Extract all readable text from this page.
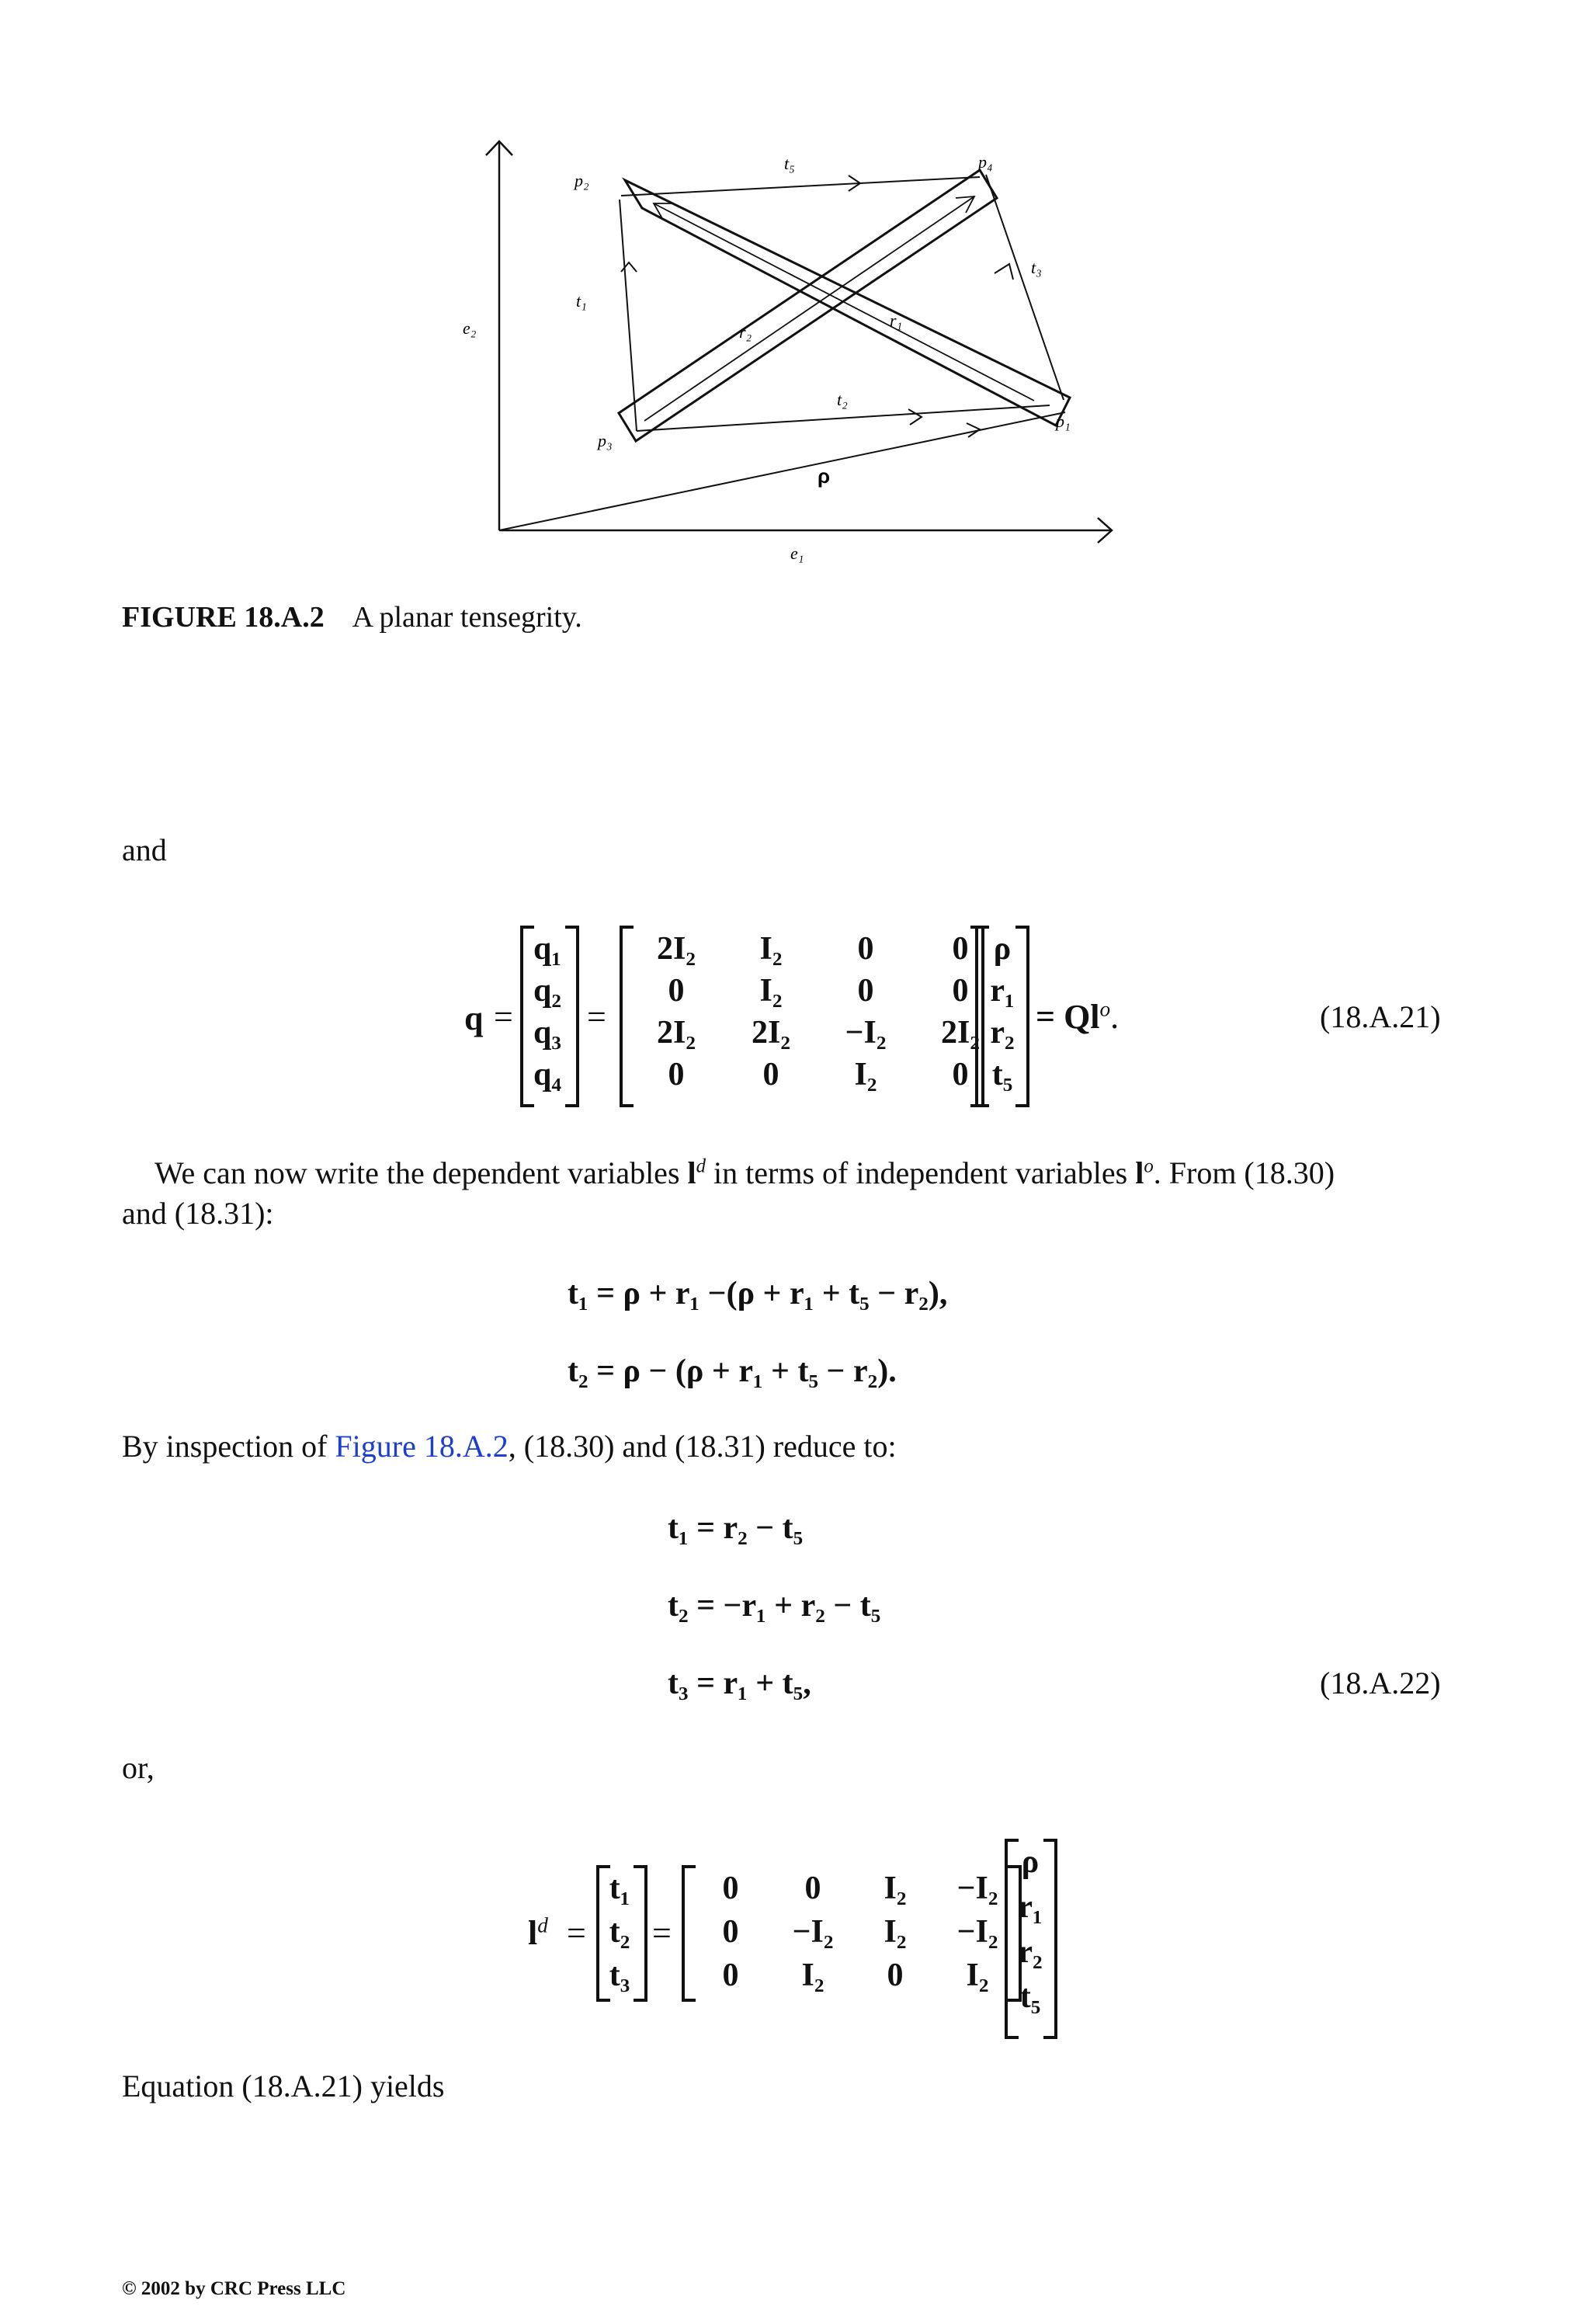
p₂
p₄
t₅
t₃
t₁
e₂	r₁
r₂
t₂
p₁
p₃
ρ
e₁
FIGURE 18.A.2 A planar tensegrity.
and
q =
q₁
q₂
q₃
q₄
=
2I₂	I₂	0	0
0	I₂	0	0
2I₂	2I₂	−I₂	2I₂
0	0	I₂	0
ρ
r₁
r₂
t₅
= $Ql^o$.	(18.A.21)
We can now write the dependent variables $l^d$ in terms of independent variables $l^o$. From (18.30)
and (18.31):
t₁ = ρ + r₁ −(ρ + r₁ + t₅ − r₂),
t₂ = ρ − (ρ + r₁ + t₅ − r₂).
By inspection of Figure 18.A.2, (18.30) and (18.31) reduce to:
t₁ = r₂ − t₅
t₂ = −r₁ + r₂ − t₅
t₃ = r₁ + t₅,	(18.A.22)
or,
$l^d$ =
t₁
t₂
t₃
=
0	0	I₂	−I₂
0	−I₂	I₂	−I₂
0	I₂	0	I₂
ρ
r₁
r₂
t₅
Equation (18.A.21) yields
© 2002 by CRC Press LLC
